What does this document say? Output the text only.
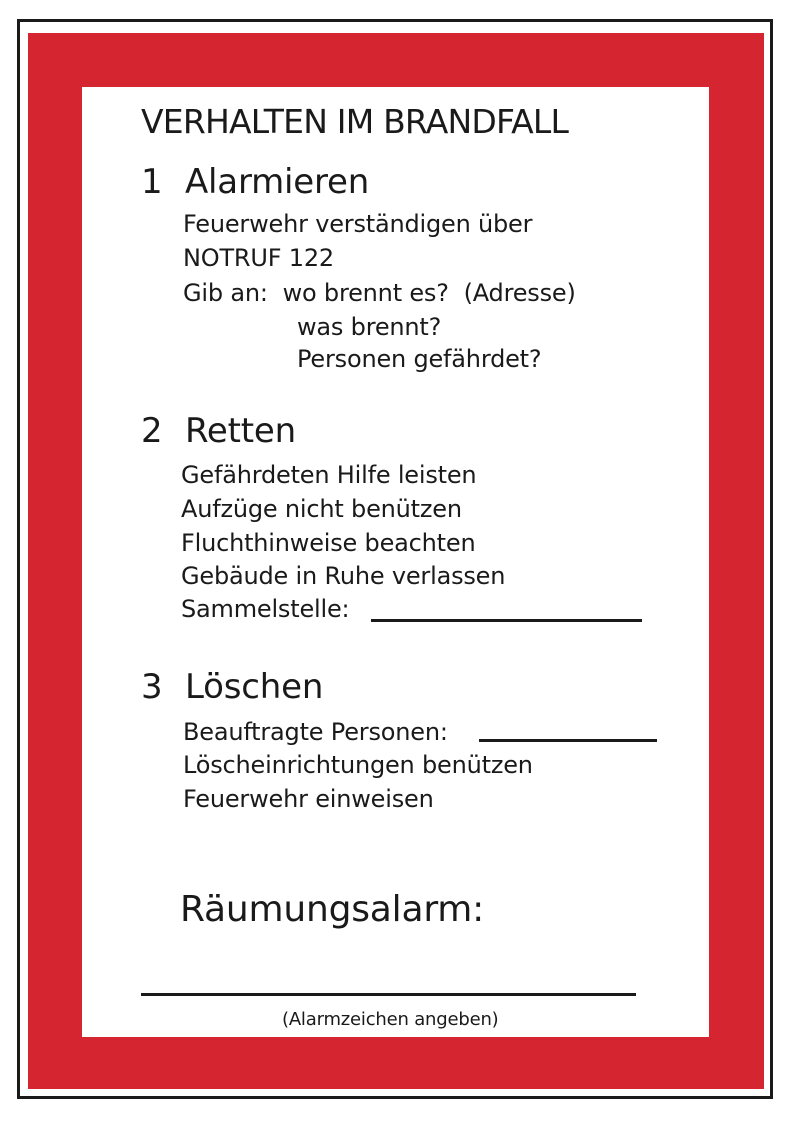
VERHALTEN IM BRANDFALL
1 Alarmieren
Feuerwehr verständigen über
NOTRUF 122
Gib an:  wo brennt es?  (Adresse)
was brennt?
Personen gefährdet?
2 Retten
Gefährdeten Hilfe leisten
Aufzüge nicht benützen
Fluchthinweise beachten
Gebäude in Ruhe verlassen
Sammelstelle:
3 Löschen
Beauftragte Personen:
Löscheinrichtungen benützen
Feuerwehr einweisen
Räumungsalarm:
(Alarmzeichen angeben)
